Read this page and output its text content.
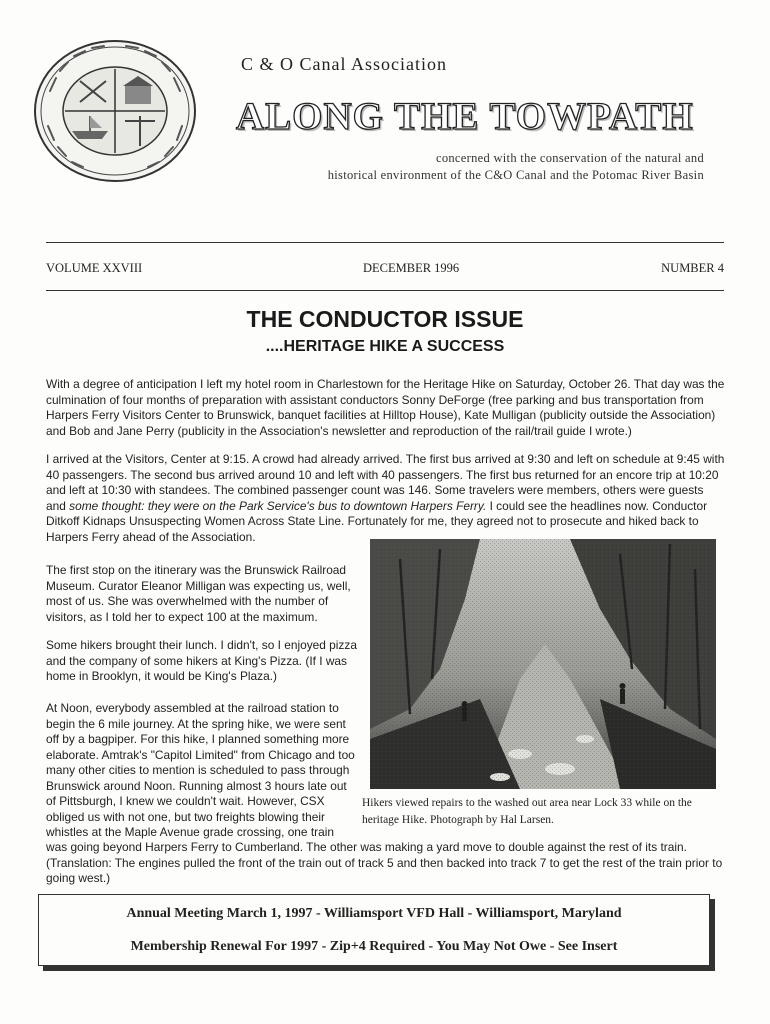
C & O Canal Association
ALONG THE TOWPATH
concerned with the conservation of the natural and
historical environment of the C&O Canal and the Potomac River Basin
VOLUME XXVIII	DECEMBER 1996	NUMBER 4
THE CONDUCTOR ISSUE
....HERITAGE HIKE A SUCCESS

With a degree of anticipation I left my hotel room in Charlestown for the Heritage Hike on Saturday, October 26. That day was the culmination of four months of preparation with assistant conductors Sonny DeForge (free parking and bus transportation from Harpers Ferry Visitors Center to Brunswick, banquet facilities at Hilltop House), Kate Mulligan (publicity outside the Association) and Bob and Jane Perry (publicity in the Association's newsletter and reproduction of the rail/trail guide I wrote.)

I arrived at the Visitors, Center at 9:15. A crowd had already arrived. The first bus arrived at 9:30 and left on schedule at 9:45 with 40 passengers. The second bus arrived around 10 and left with 40 passengers. The first bus returned for an encore trip at 10:20 and left at 10:30 with standees. The combined passenger count was 146. Some travelers were members, others were guests and some thought: they were on the Park Service's bus to downtown Harpers Ferry. I could see the headlines now. Conductor Ditkoff Kidnaps Unsuspecting Women Across State Line. Fortunately for me, they agreed not to prosecute and hiked back to Harpers Ferry ahead of the Association.

The first stop on the itinerary was the Brunswick Railroad Museum. Curator Eleanor Milligan was expecting us, well, most of us. She was overwhelmed with the number of visitors, as I told her to expect 100 at the maximum.

Some hikers brought their lunch. I didn't, so I enjoyed pizza and the company of some hikers at King's Pizza. (If I was home in Brooklyn, it would be King's Plaza.)

At Noon, everybody assembled at the railroad station to begin the 6 mile journey. At the spring hike, we were sent off by a bagpiper. For this hike, I planned something more elaborate. Amtrak's "Capitol Limited" from Chicago and too many other cities to mention is scheduled to pass through Brunswick around Noon. Running almost 3 hours late out of Pittsburgh, I knew we couldn't wait. However, CSX obliged us with not one, but two freights blowing their whistles at the Maple Avenue grade crossing, one train

Hikers viewed repairs to the washed out area near Lock 33 while on the heritage Hike. Photograph by Hal Larsen.

was going beyond Harpers Ferry to Cumberland. The other was making a yard move to double against the rest of its train. (Translation: The engines pulled the front of the train out of track 5 and then backed into track 7 to get the rest of the train prior to going west.)

Annual Meeting March 1, 1997 - Williamsport VFD Hall - Williamsport, Maryland
Membership Renewal For 1997 - Zip+4 Required - You May Not Owe - See Insert
